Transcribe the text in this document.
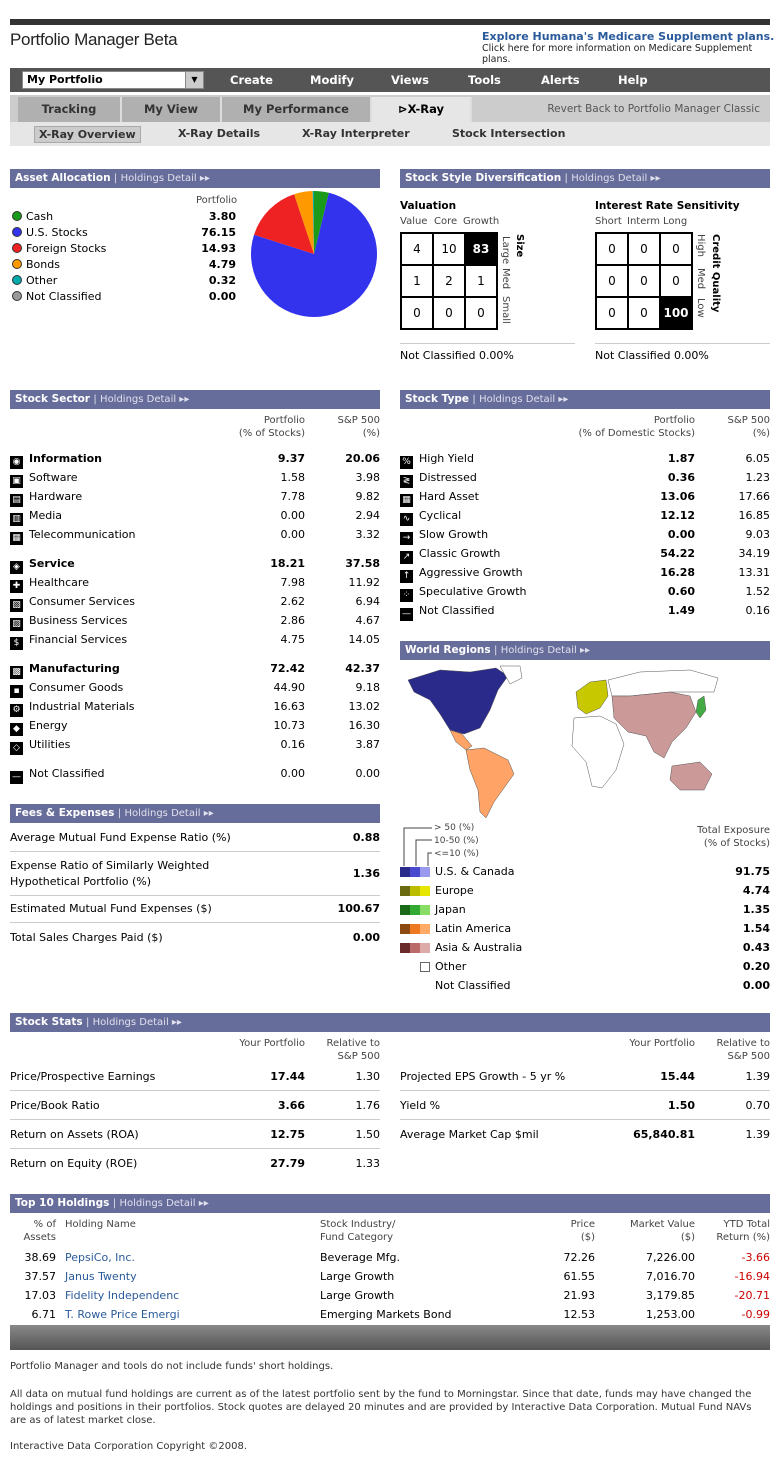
Portfolio Manager Beta	Explore Humana's Medicare Supplement plans.
Click here for more information on Medicare Supplement plans.
My Portfolio	▼	Create	Modify	Views	Tools	Alerts	Help
Tracking	My View	My Performance	⊳X-Ray	Revert Back to Portfolio Manager Classic
X-Ray Overview	X-Ray Details	X-Ray Interpreter	Stock Intersection
Asset Allocation | Holdings Detail ▸▸
Portfolio
Stock Style Diversification | Holdings Detail ▸▸
Valuation
Value Core Growth
4	10	83
1	2	1
0	0	0
Large
Med
Small
Size
Not Classified 0.00%
Interest Rate Sensitivity
Short Interm Long
0	0	0
0	0	0
0	0	100
High
Med
Low Credit Quality
Not Classified 0.00%
Stock Sector | Holdings Detail ▸▸
Portfolio
(% of Stocks)
S&P 500
(%)
Stock Type | Holdings Detail ▸▸
Portfolio
(% of Domestic Stocks)
S&P 500
(%)
World Regions | Holdings Detail ▸▸
> 50 (%)
10-50 (%)
<=10 (%)
Total Exposure
(% of Stocks)
Fees & Expenses | Holdings Detail ▸▸
Average Mutual Fund Expense Ratio (%)	0.88
Expense Ratio of Similarly Weighted
Hypothetical Portfolio (%)
1.36
Estimated Mutual Fund Expenses ($)	100.67
Total Sales Charges Paid ($)	0.00
Stock Stats | Holdings Detail ▸▸
Your Portfolio	Relative to
S&P 500
Your Portfolio	Relative to
S&P 500
Top 10 Holdings | Holdings Detail ▸▸
% of
Assets
Holding Name	Stock Industry/
Fund Category
Price
($)
Market Value
($)
YTD Total
Return (%)
Portfolio Manager and tools do not include funds' short holdings.
All data on mutual fund holdings are current as of the latest portfolio sent by the fund to Morningstar. Since that date, funds may have changed the holdings and positions in their portfolios. Stock quotes are delayed 20 minutes and are provided by Interactive Data Corporation. Mutual Fund NAVs are as of latest market close.
Interactive Data Corporation Copyright ©2008.
Cash	3.80
U.S. Stocks	76.15
Foreign Stocks	14.93
Bonds	4.79
Other	0.32
Not Classified	0.00
◉ Information	9.37	20.06
▣ Software	1.58	3.98
▤ Hardware	7.78	9.82
▥ Media	0.00	2.94
▦ Telecommunication	0.00	3.32
◈ Service	18.21	37.58
✚ Healthcare	7.98	11.92
▧ Consumer Services	2.62	6.94
▨ Business Services	2.86	4.67
$ Financial Services	4.75	14.05
▩ Manufacturing	72.42	42.37
▪ Consumer Goods	44.90	9.18
⚙ Industrial Materials	16.63	13.02
◆ Energy	10.73	16.30
◇ Utilities	0.16	3.87
— Not Classified	0.00	0.00
% High Yield	1.87	6.05
≷ Distressed	0.36	1.23
▦ Hard Asset	13.06	17.66
∿ Cyclical	12.12	16.85
→ Slow Growth	0.00	9.03
↗ Classic Growth	54.22	34.19
↑ Aggressive Growth	16.28	13.31
⁘ Speculative Growth	0.60	1.52
— Not Classified	1.49	0.16
U.S. & Canada	91.75
Europe	4.74
Japan	1.35
Latin America	1.54
Asia & Australia	0.43
Other	0.20
Not Classified	0.00
Price/Prospective Earnings	17.44	1.30
Price/Book Ratio	3.66	1.76
Return on Assets (ROA)	12.75	1.50
Return on Equity (ROE)	27.79	1.33
Projected EPS Growth - 5 yr %	15.44	1.39
Yield %	1.50	0.70
Average Market Cap $mil	65,840.81	1.39
38.69 PepsiCo, Inc.	Beverage Mfg.	72.26	7,226.00	-3.66
37.57 Janus Twenty	Large Growth	61.55	7,016.70	-16.94
17.03 Fidelity Independenc	Large Growth	21.93	3,179.85	-20.71
6.71 T. Rowe Price Emergi	Emerging Markets Bond	12.53	1,253.00	-0.99
